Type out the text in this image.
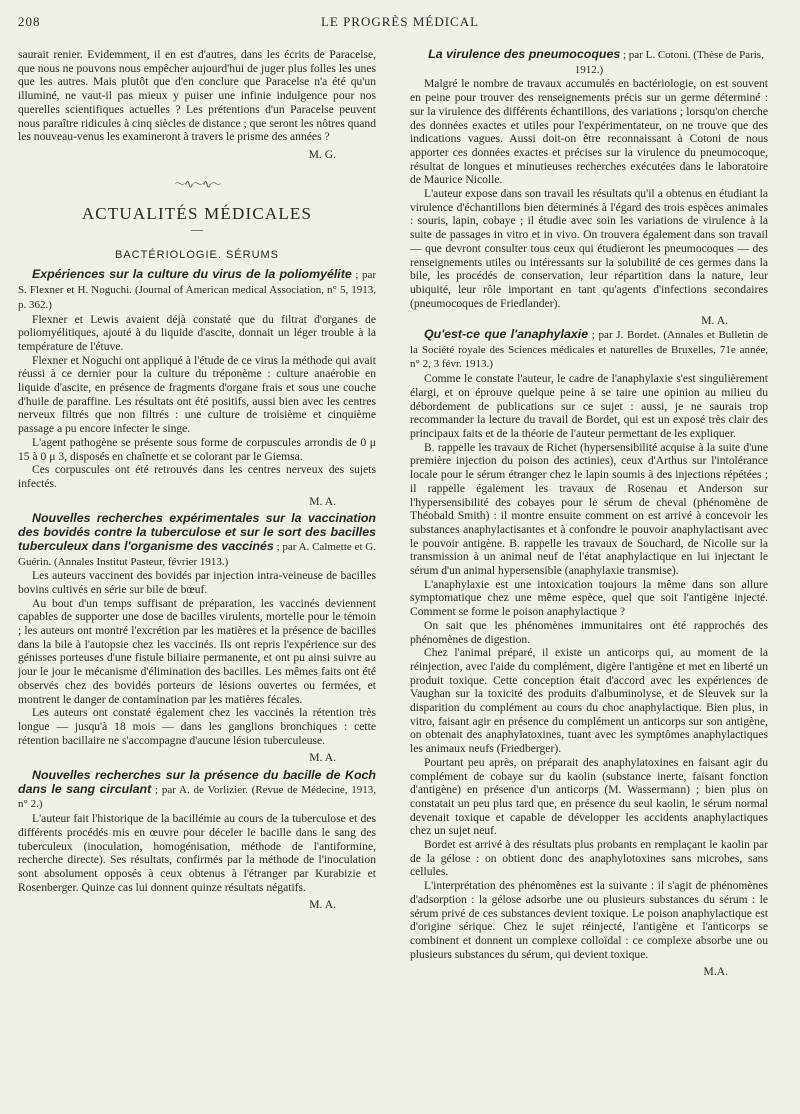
208	LE PROGRÈS MÉDICAL

saurait renier. Evidemment, il en est d'autres, dans les écrits de Paracelse, que nous ne pouvons nous empêcher aujourd'hui de juger plus folles les unes que les autres. Mais plutôt que d'en conclure que Paracelse n'a été qu'un illuminé, ne vaut-il pas mieux y puiser une infinie indulgence pour nos querelles scientifiques actuelles ? Les prétentions d'un Paracelse peuvent nous paraître ridicules à cinq siècles de distance ; que seront les nôtres quand les nouveau-venus les examineront à travers le prisme des années ?

M. G.

〜∿〜∿〜
ACTUALITÉS MÉDICALES
—
BACTÉRIOLOGIE. SÉRUMS

Expériences sur la culture du virus de la poliomyélite ; par S. Flexner et H. Noguchi. (Journal of American medical Association, n° 5, 1913, p. 362.)

Flexner et Lewis avaient déjà constaté que du filtrat d'organes de poliomyélitiques, ajouté à du liquide d'ascite, donnait un léger trouble à la température de l'étuve.

Flexner et Noguchi ont appliqué à l'étude de ce virus la méthode qui avait réussi à ce dernier pour la culture du tréponème : culture anaérobie en liquide d'ascite, en présence de fragments d'organe frais et sous une couche d'huile de paraffine. Les résultats ont été positifs, aussi bien avec les centres nerveux filtrés que non filtrés : une culture de troisième et cinquième passage a pu encore infecter le singe.

L'agent pathogène se présente sous forme de corpuscules arrondis de 0 μ 15 à 0 μ 3, disposés en chaînette et se colorant par le Giemsa.

Ces corpuscules ont été retrouvés dans les centres nerveux des sujets infectés.

M. A.

Nouvelles recherches expérimentales sur la vaccination des bovidés contre la tuberculose et sur le sort des bacilles tuberculeux dans l'organisme des vaccinés ; par A. Calmette et G. Guérin. (Annales Institut Pasteur, février 1913.)

Les auteurs vaccinent des bovidés par injection intra-veineuse de bacilles bovins cultivés en série sur bile de bœuf.

Au bout d'un temps suffisant de préparation, les vaccinés deviennent capables de supporter une dose de bacilles virulents, mortelle pour le témoin ; les auteurs ont montré l'excrétion par les matières et la présence de bacilles dans la bile à l'autopsie chez les vaccinés. Ils ont repris l'expérience sur des génisses porteuses d'une fistule biliaire permanente, et ont pu ainsi suivre au jour le jour le mécanisme d'élimination des bacilles. Les mêmes faits ont été observés chez des bovidés porteurs de lésions ouvertes ou fermées, et montrent le danger de contamination par les matières fécales.

Les auteurs ont constaté également chez les vaccinés la rétention très longue — jusqu'à 18 mois — dans les ganglions bronchiques : cette rétention bacillaire ne s'accompagne d'aucune lésion tuberculeuse.

M. A.

Nouvelles recherches sur la présence du bacille de Koch dans le sang circulant ; par A. de Vorlizier. (Revue de Médecine, 1913, n° 2.)

L'auteur fait l'historique de la bacillémie au cours de la tuberculose et des différents procédés mis en œuvre pour déceler le bacille dans le sang des tuberculeux (inoculation, homogénisation, méthode de l'antiformine, recherche directe). Ses résultats, confirmés par la méthode de l'inoculation sont absolument opposés à ceux obtenus à l'étranger par Kurabizie et Rosenberger. Quinze cas lui donnent quinze résultats négatifs.

M. A.

La virulence des pneumocoques ; par L. Cotoni. (Thèse de Paris, 1912.)

Malgré le nombre de travaux accumulés en bactériologie, on est souvent en peine pour trouver des renseignements précis sur un germe déterminé : sur la virulence des différents échantillons, des variations ; lorsqu'on cherche des données exactes et utiles pour l'expérimentateur, on ne trouve que des indications vagues. Aussi doit-on être reconnaissant à Cotoni de nous apporter ces données exactes et précises sur la virulence du pneumocoque, résultat de longues et minutieuses recherches exécutées dans le laboratoire de Maurice Nicolle.

L'auteur expose dans son travail les résultats qu'il a obtenus en étudiant la virulence d'échantillons bien déterminés à l'égard des trois espèces animales : souris, lapin, cobaye ; il étudie avec soin les variations de virulence à la suite de passages in vitro et in vivo. On trouvera également dans son travail— que devront consulter tous ceux qui étudieront les pneumocoques — des renseignements utiles ou intéressants sur la solubilité de ces germes dans la bile, les procédés de conservation, leur répartition dans la nature, leur ubiquité, leur rôle important en tant qu'agents d'infections secondaires (pneumocoques de Friedlander).

M. A.

Qu'est-ce que l'anaphylaxie ; par J. Bordet. (Annales et Bulletin de la Société royale des Sciences médicales et naturelles de Bruxelles, 71e année, n° 2, 3 févr. 1913.)

Comme le constate l'auteur, le cadre de l'anaphylaxie s'est singulièrement élargi, et on éprouve quelque peine à se taire une opinion au milieu du débordement de publications sur ce sujet : aussi, je ne saurais trop recommander la lecture du travail de Bordet, qui est un exposé très clair des principaux faits et de la théorie de l'auteur permettant de les expliquer.

B. rappelle les travaux de Richet (hypersensibilité acquise à la suite d'une première injection du poison des actinies), ceux d'Arthus sur l'intolérance locale pour le sérum étranger chez le lapin soumis à des injections répétées ; il rappelle également les travaux de Rosenau et Anderson sur l'hypersensibilité des cobayes pour le sérum de cheval (phénomène de Théobald Smith) : il montre ensuite comment on est arrivé à concevoir les substances anaphylactisantes et à confondre le pouvoir anaphylactisant avec le pouvoir antigène. B. rappelle les travaux de Souchard, de Nicolle sur la transmission à un animal neuf de l'état anaphylactique en lui injectant le sérum d'un animal hypersensible (anaphylaxie transmise).

L'anaphylaxie est une intoxication toujours la même dans son allure symptomatique chez une même espèce, quel que soit l'antigène injecté. Comment se forme le poison anaphylactique ?

On sait que les phénomènes immunitaires ont été rapprochés des phénomènes de digestion.

Chez l'animal préparé, il existe un anticorps qui, au moment de la réinjection, avec l'aide du complément, digère l'antigène et met en liberté un produit toxique. Cette conception était d'accord avec les expériences de Vaughan sur la toxicité des produits d'albuminolyse, et de Sleuvek sur la disparition du complément au cours du choc anaphylactique. Bien plus, in vitro, faisant agir en présence du complément un anticorps sur son antigène, on obtenait des anaphylatoxines, tuant avec les symptômes anaphylactiques les animaux neufs (Friedberger).

Pourtant peu après, on préparait des anaphylatoxines en faisant agir du complément de cobaye sur du kaolin (substance inerte, faisant fonction d'antigène) en présence d'un anticorps (M. Wassermann) ; bien plus on constatait un peu plus tard que, en présence du seul kaolin, le sérum normal devenait toxique et capable de développer les accidents anaphylactiques chez un sujet neuf.

Bordet est arrivé à des résultats plus probants en remplaçant le kaolin par de la gélose : on obtient donc des anaphylotoxines sans microbes, sans cellules.

L'interprétation des phénomènes est la suivante : il s'agit de phénomènes d'adsorption : la gélose adsorbe une ou plusieurs substances du sérum : le sérum privé de ces substances devient toxique. Le poison anaphylactique est d'origine sérique. Chez le sujet réinjecté, l'antigène et l'anticorps se combinent et donnent un complexe colloïdal : ce complexe absorbe une ou plusieurs substances du sérum, qui devient toxique.

M.A.
